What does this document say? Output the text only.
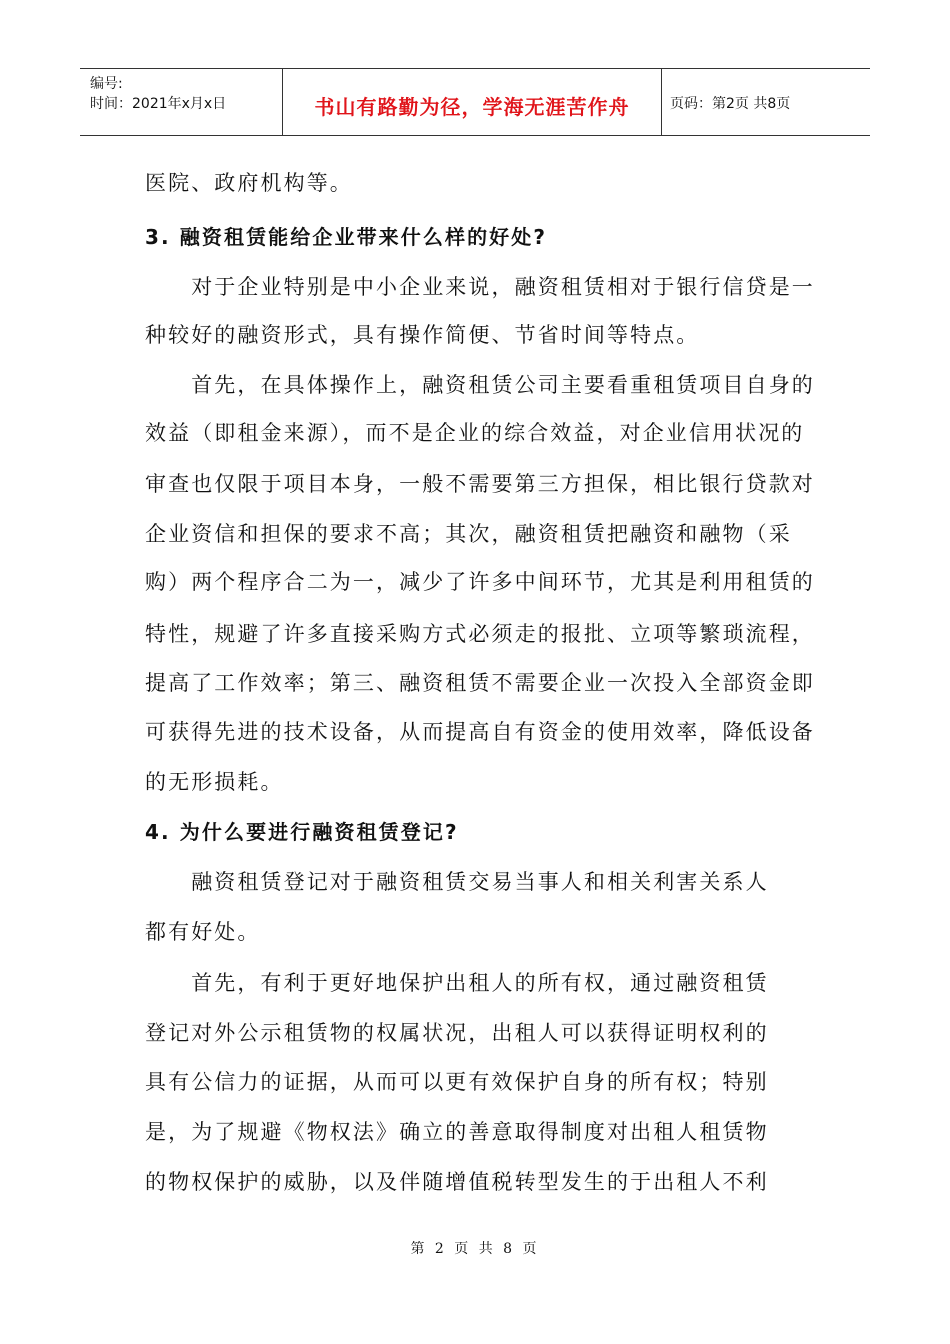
编号:
时间：2021年x月x日	书山有路勤为径，学海无涯苦作舟	页码：第2页 共8页
医院、政府机构等。
3. 融资租赁能给企业带来什么样的好处?
　　对于企业特别是中小企业来说，融资租赁相对于银行信贷是一
种较好的融资形式，具有操作简便、节省时间等特点。
　　首先，在具体操作上，融资租赁公司主要看重租赁项目自身的
效益（即租金来源），而不是企业的综合效益，对企业信用状况的
审查也仅限于项目本身，一般不需要第三方担保，相比银行贷款对
企业资信和担保的要求不高；其次，融资租赁把融资和融物（采
购）两个程序合二为一，减少了许多中间环节，尤其是利用租赁的
特性，规避了许多直接采购方式必须走的报批、立项等繁琐流程，
提高了工作效率；第三、融资租赁不需要企业一次投入全部资金即
可获得先进的技术设备，从而提高自有资金的使用效率，降低设备
的无形损耗。
4. 为什么要进行融资租赁登记?
　　融资租赁登记对于融资租赁交易当事人和相关利害关系人
都有好处。
　　首先，有利于更好地保护出租人的所有权，通过融资租赁
登记对外公示租赁物的权属状况，出租人可以获得证明权利的
具有公信力的证据，从而可以更有效保护自身的所有权；特别
是，为了规避《物权法》确立的善意取得制度对出租人租赁物
的物权保护的威胁，以及伴随增值税转型发生的于出租人不利
第 2 页 共 8 页
